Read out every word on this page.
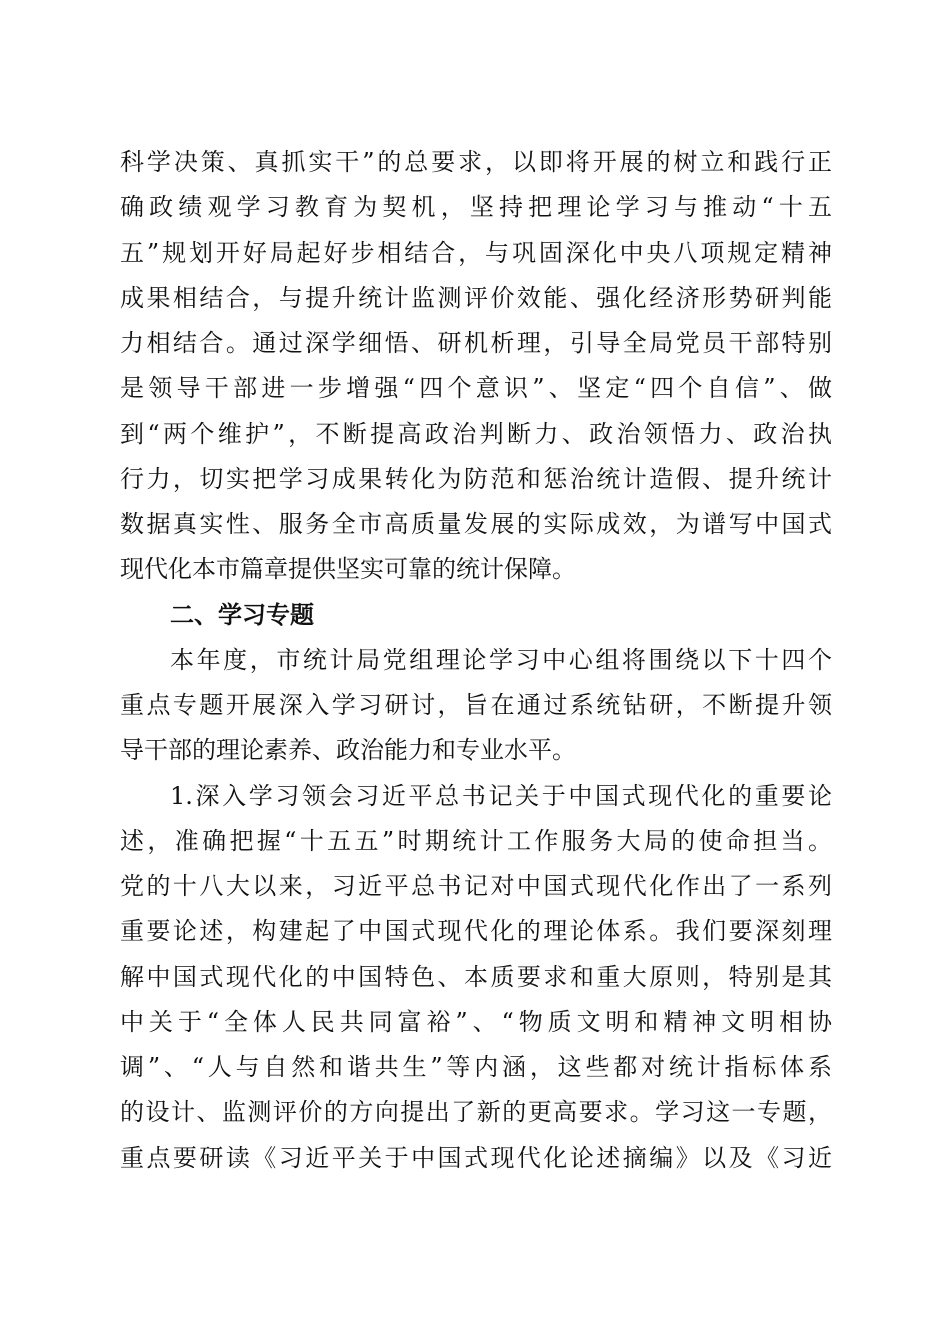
科学决策、真抓实干”的总要求，以即将开展的树立和践行正
确政绩观学习教育为契机，坚持把理论学习与推动“十五
五”规划开好局起好步相结合，与巩固深化中央八项规定精神
成果相结合，与提升统计监测评价效能、强化经济形势研判能
力相结合。通过深学细悟、研机析理，引导全局党员干部特别
是领导干部进一步增强“四个意识”、坚定“四个自信”、做
到“两个维护”，不断提高政治判断力、政治领悟力、政治执
行力，切实把学习成果转化为防范和惩治统计造假、提升统计
数据真实性、服务全市高质量发展的实际成效，为谱写中国式
现代化本市篇章提供坚实可靠的统计保障。
二、学习专题
本年度，市统计局党组理论学习中心组将围绕以下十四个
重点专题开展深入学习研讨，旨在通过系统钻研，不断提升领
导干部的理论素养、政治能力和专业水平。
1.深入学习领会习近平总书记关于中国式现代化的重要论
述，准确把握“十五五”时期统计工作服务大局的使命担当。
党的十八大以来，习近平总书记对中国式现代化作出了一系列
重要论述，构建起了中国式现代化的理论体系。我们要深刻理
解中国式现代化的中国特色、本质要求和重大原则，特别是其
中关于“全体人民共同富裕”、“物质文明和精神文明相协
调”、“人与自然和谐共生”等内涵，这些都对统计指标体系
的设计、监测评价的方向提出了新的更高要求。学习这一专题，
重点要研读《习近平关于中国式现代化论述摘编》以及《习近
